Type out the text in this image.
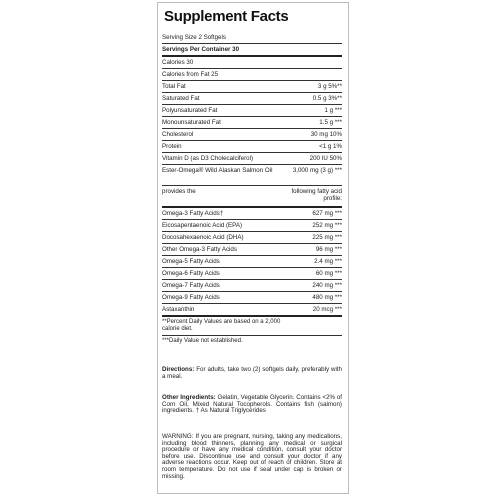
Supplement Facts
Serving Size 2 Softgels
Servings Per Container 30
Calories 30
Calories from Fat 25
Total Fat	3 g 5%**
Saturated Fat	0.5 g 3%**
Polyunsaturated Fat	1 g ***
Monounsaturated Fat	1.5 g ***
Cholesterol	30 mg 10%
Protein	<1 g 1%
Vitamin D (as D3 Cholecalciferol)	200 IU 50%
Ester-Omega® Wild Alaskan Salmon Oil	3,000 mg (3 g) ***
provides the	following fatty acid profile:
Omega-3 Fatty Acids†	627 mg ***
Eicosapentaenoic Acid (EPA)	252 mg ***
Docosahexaenoic Acid (DHA)	225 mg ***
Other Omega-3 Fatty Acids	96 mg ***
Omega-5 Fatty Acids	2.4 mg ***
Omega-6 Fatty Acids	60 mg ***
Omega-7 Fatty Acids	240 mg ***
Omega-9 Fatty Acids	480 mg ***
Astaxanthin	20 mcg ***
**Percent Daily Values are based on a 2,000 calorie diet.
***Daily Value not established.
Directions: For adults, take two (2) softgels daily, preferably with a meal.
Other Ingredients: Gelatin, Vegetable Glycerin. Contains <2% of Corn Oil, Mixed Natural Tocopherols. Contains fish (salmon) ingredients. † As Natural Triglycerides
WARNING: If you are pregnant, nursing, taking any medications, including blood thinners, planning any medical or surgical procedure or have any medical condition, consult your doctor before use. Discontinue use and consult your doctor if any adverse reactions occur. Keep out of reach of children. Store at room temperature. Do not use if seal under cap is broken or missing.
